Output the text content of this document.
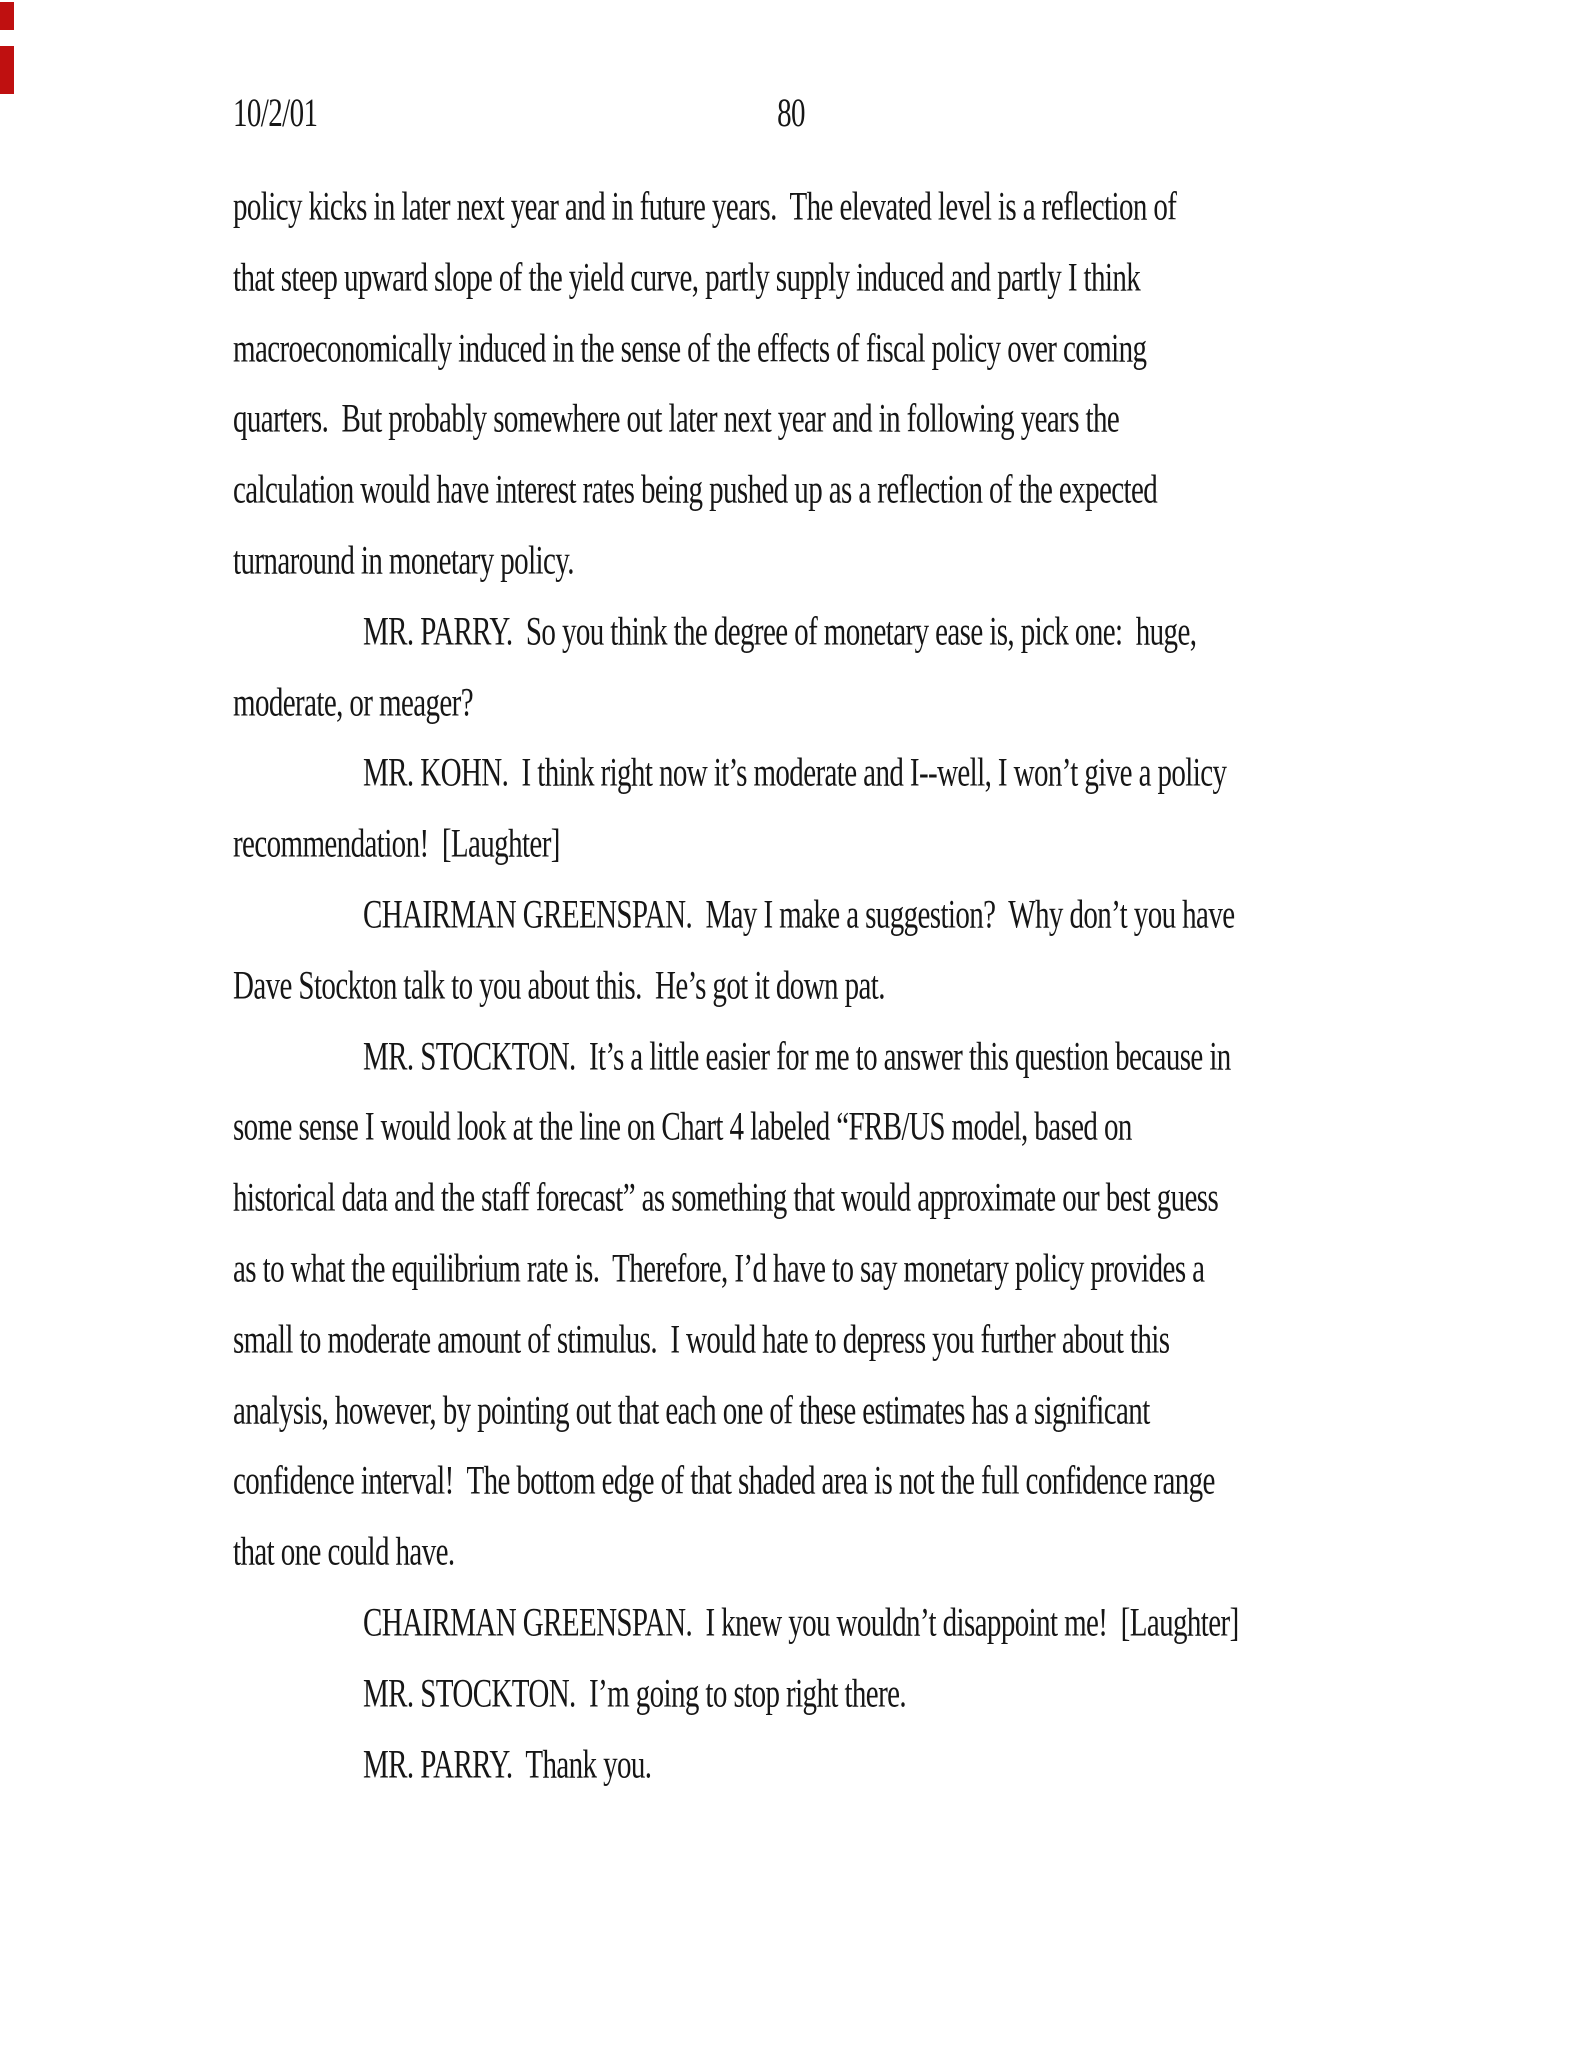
10/2/01	80
policy kicks in later next year and in future years.  The elevated level is a reflection of
that steep upward slope of the yield curve, partly supply induced and partly I think
macroeconomically induced in the sense of the effects of fiscal policy over coming
quarters.  But probably somewhere out later next year and in following years the
calculation would have interest rates being pushed up as a reflection of the expected
turnaround in monetary policy.
MR. PARRY.  So you think the degree of monetary ease is, pick one:  huge,
moderate, or meager?
MR. KOHN.  I think right now it’s moderate and I--well, I won’t give a policy
recommendation!  [Laughter]
CHAIRMAN GREENSPAN.  May I make a suggestion?  Why don’t you have
Dave Stockton talk to you about this.  He’s got it down pat.
MR. STOCKTON.  It’s a little easier for me to answer this question because in
some sense I would look at the line on Chart 4 labeled “FRB/US model, based on
historical data and the staff forecast” as something that would approximate our best guess
as to what the equilibrium rate is.  Therefore, I’d have to say monetary policy provides a
small to moderate amount of stimulus.  I would hate to depress you further about this
analysis, however, by pointing out that each one of these estimates has a significant
confidence interval!  The bottom edge of that shaded area is not the full confidence range
that one could have.
CHAIRMAN GREENSPAN.  I knew you wouldn’t disappoint me!  [Laughter]
MR. STOCKTON.  I’m going to stop right there.
MR. PARRY.  Thank you.
